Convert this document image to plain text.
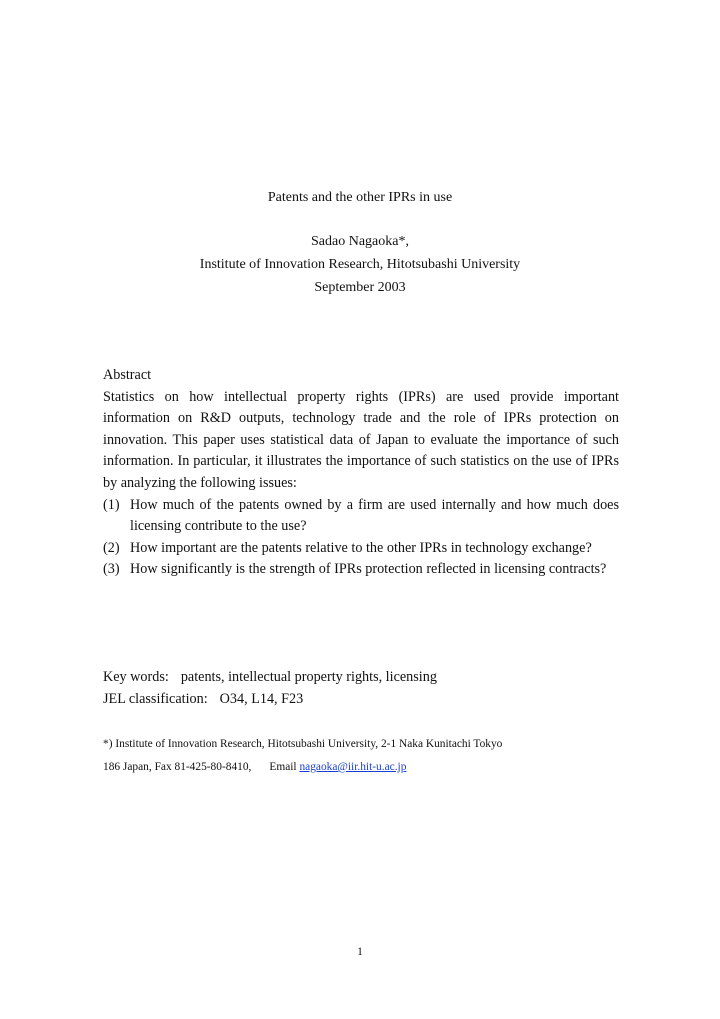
Patents and the other IPRs in use
Sadao Nagaoka*,
Institute of Innovation Research, Hitotsubashi University
September 2003
Abstract
Statistics on how intellectual property rights (IPRs) are used provide important information on R&D outputs, technology trade and the role of IPRs protection on innovation. This paper uses statistical data of Japan to evaluate the importance of such information. In particular, it illustrates the importance of such statistics on the use of IPRs by analyzing the following issues:
(1) How much of the patents owned by a firm are used internally and how much does licensing contribute to the use?
(2) How important are the patents relative to the other IPRs in technology exchange?
(3) How significantly is the strength of IPRs protection reflected in licensing contracts?
Key words: patents, intellectual property rights, licensing
JEL classification: O34, L14, F23
*) Institute of Innovation Research, Hitotsubashi University, 2-1 Naka Kunitachi Tokyo
186 Japan, Fax 81-425-80-8410, Email nagaoka@iir.hit-u.ac.jp
1
